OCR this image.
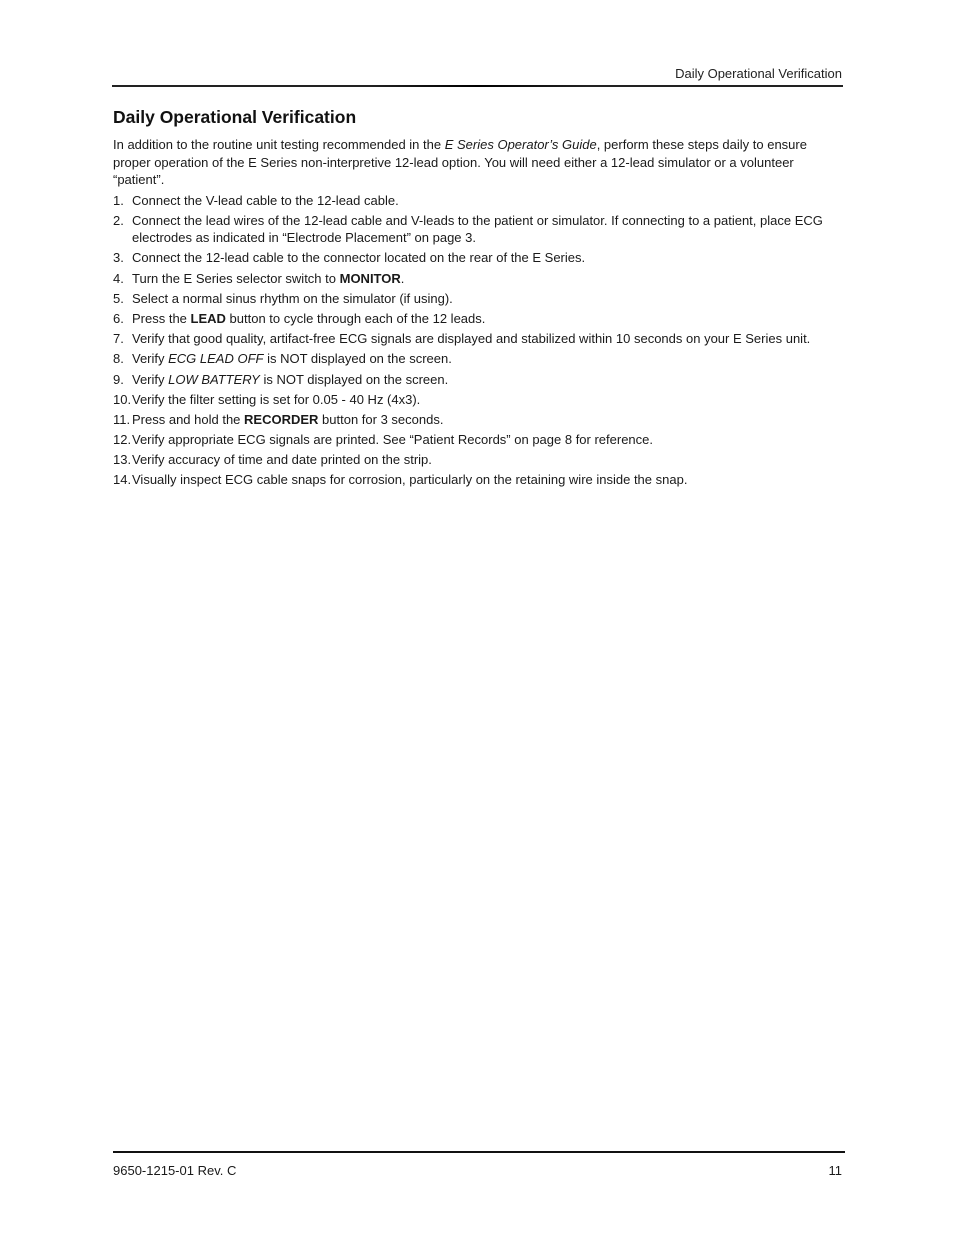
Daily Operational Verification
Daily Operational Verification

In addition to the routine unit testing recommended in the E Series Operator’s Guide, perform these steps daily to ensure proper operation of the E Series non-interpretive 12-lead option. You will need either a 12-lead simulator or a volunteer “patient”.

1. Connect the V-lead cable to the 12-lead cable.
2. Connect the lead wires of the 12-lead cable and V-leads to the patient or simulator. If connecting to a patient, place ECG electrodes as indicated in “Electrode Placement” on page 3.
3. Connect the 12-lead cable to the connector located on the rear of the E Series.
4. Turn the E Series selector switch to MONITOR.
5. Select a normal sinus rhythm on the simulator (if using).
6. Press the LEAD button to cycle through each of the 12 leads.
7. Verify that good quality, artifact-free ECG signals are displayed and stabilized within 10 seconds on your E Series unit.
8. Verify ECG LEAD OFF is NOT displayed on the screen.
9. Verify LOW BATTERY is NOT displayed on the screen.
10. Verify the filter setting is set for 0.05 - 40 Hz (4x3).
11. Press and hold the RECORDER button for 3 seconds.
12. Verify appropriate ECG signals are printed. See “Patient Records” on page 8 for reference.
13. Verify accuracy of time and date printed on the strip.
14. Visually inspect ECG cable snaps for corrosion, particularly on the retaining wire inside the snap.
9650-1215-01 Rev. C	11
